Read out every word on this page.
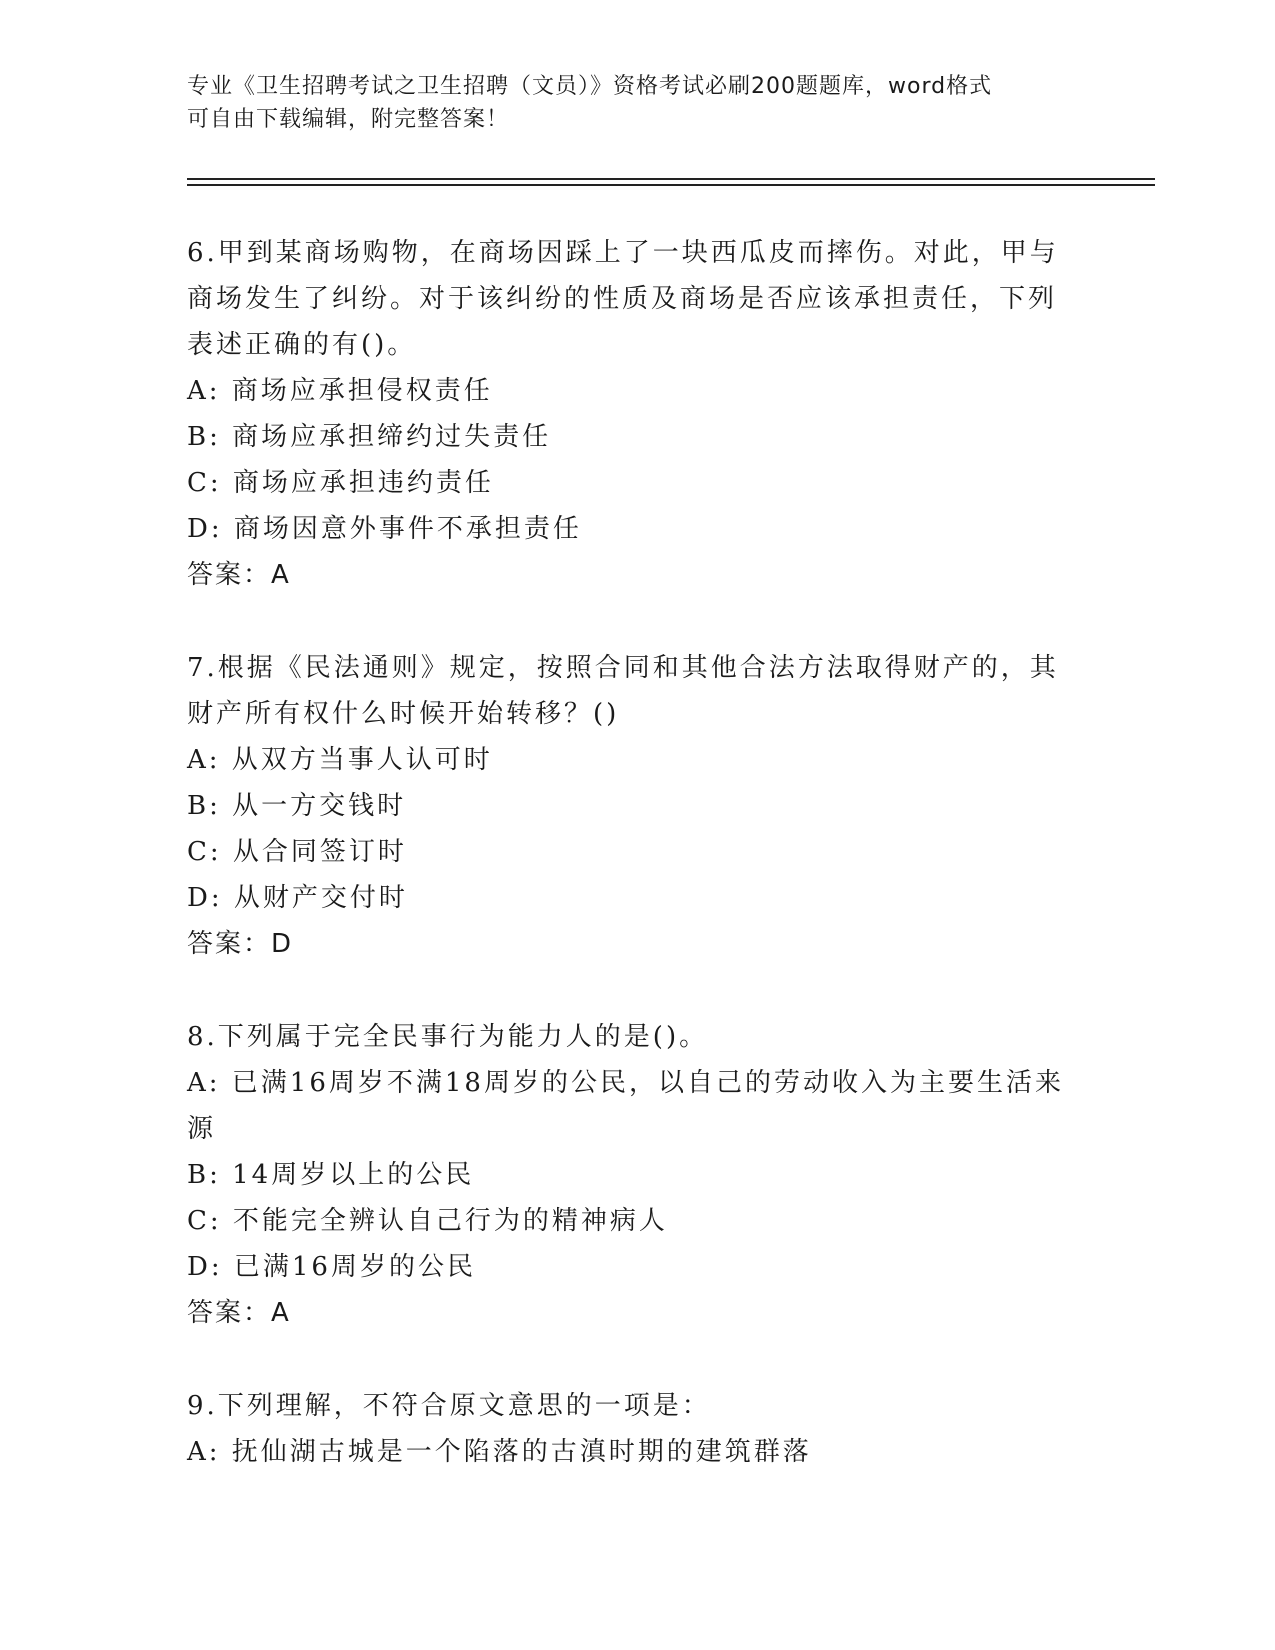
专业《卫生招聘考试之卫生招聘（文员）》资格考试必刷200题题库，word格式
可自由下载编辑，附完整答案！
6.甲到某商场购物，在商场因踩上了一块西瓜皮而摔伤。对此，甲与
商场发生了纠纷。对于该纠纷的性质及商场是否应该承担责任，下列
表述正确的有()。
A: 商场应承担侵权责任
B: 商场应承担缔约过失责任
C: 商场应承担违约责任
D: 商场因意外事件不承担责任
答案：A
7.根据《民法通则》规定，按照合同和其他合法方法取得财产的，其
财产所有权什么时候开始转移？()
A: 从双方当事人认可时
B: 从一方交钱时
C: 从合同签订时
D: 从财产交付时
答案：D
8.下列属于完全民事行为能力人的是()。
A: 已满16周岁不满18周岁的公民，以自己的劳动收入为主要生活来
源
B: 14周岁以上的公民
C: 不能完全辨认自己行为的精神病人
D: 已满16周岁的公民
答案：A
9.下列理解，不符合原文意思的一项是：
A: 抚仙湖古城是一个陷落的古滇时期的建筑群落
